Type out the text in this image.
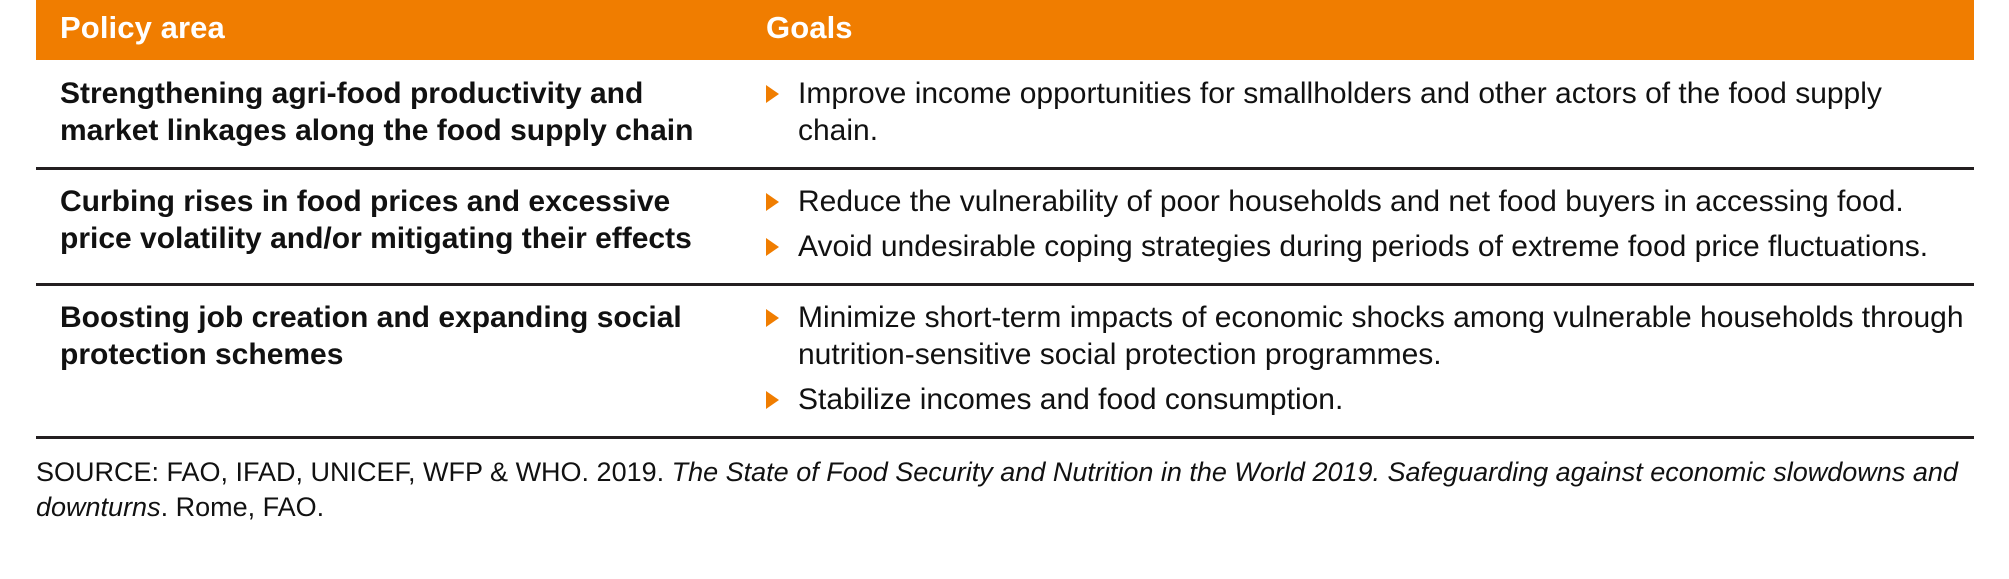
Policy area	Goals
Strengthening agri-food productivity and market linkages along the food supply chain	
Improve income opportunities for smallholders and other actors of the food supply chain.

Curbing rises in food prices and excessive price volatility and/or mitigating their effects	
Reduce the vulnerability of poor households and net food buyers in accessing food.
Avoid undesirable coping strategies during periods of extreme food price fluctuations.

Boosting job creation and expanding social protection schemes	
Minimize short-term impacts of economic shocks among vulnerable households through nutrition-sensitive social protection programmes.
Stabilize incomes and food consumption.
SOURCE: FAO, IFAD, UNICEF, WFP & WHO. 2019. The State of Food Security and Nutrition in the World 2019. Safeguarding against economic slowdowns and downturns. Rome, FAO.
